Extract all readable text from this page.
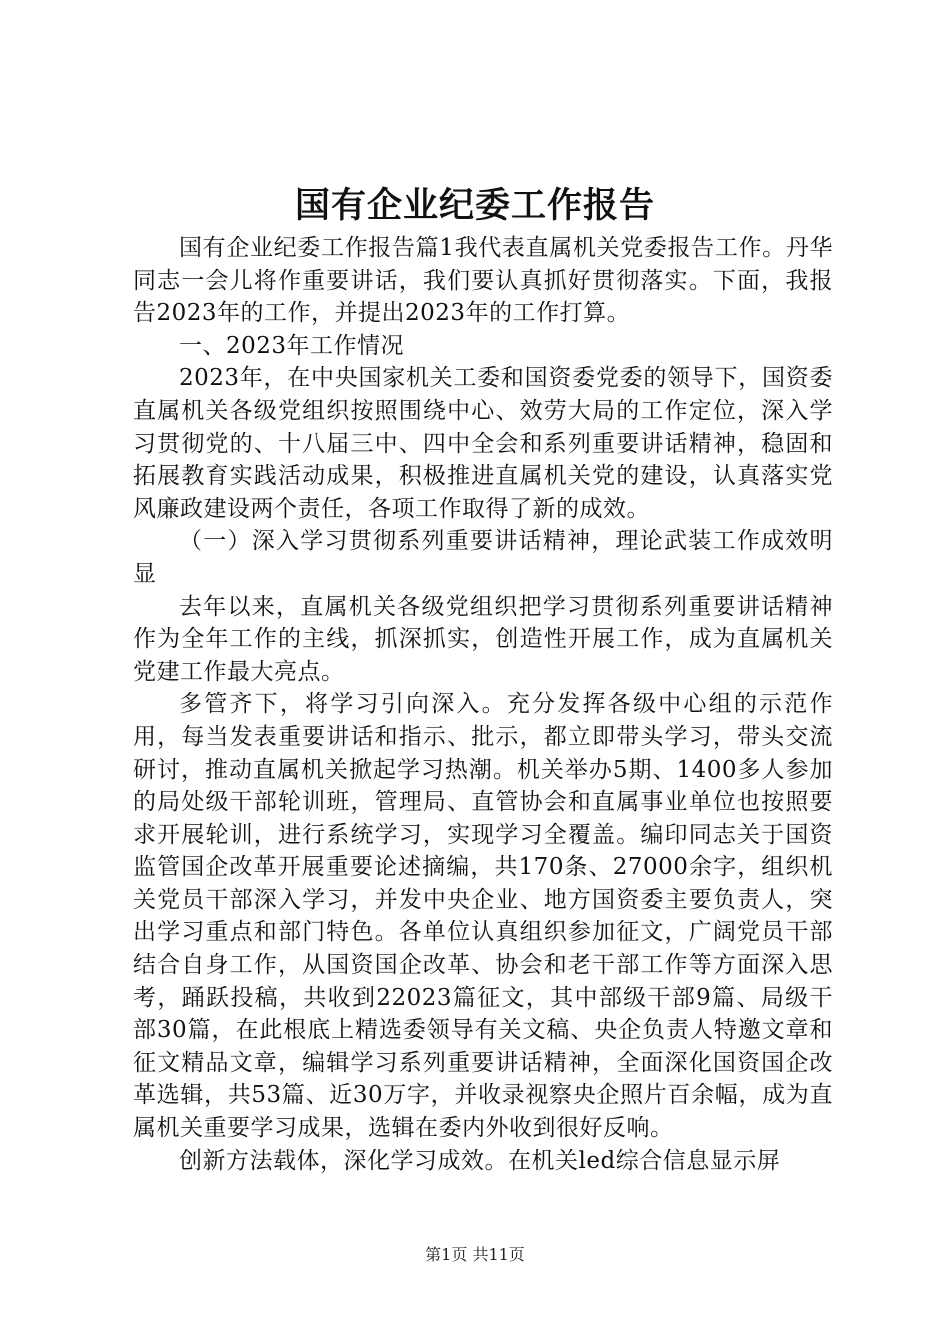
国有企业纪委工作报告

国有企业纪委工作报告篇1我代表直属机关党委报告工作。丹华同志一会儿将作重要讲话，我们要认真抓好贯彻落实。下面，我报告2023年的工作，并提出2023年的工作打算。

一、2023年工作情况

2023年，在中央国家机关工委和国资委党委的领导下，国资委直属机关各级党组织按照围绕中心、效劳大局的工作定位，深入学习贯彻党的、十八届三中、四中全会和系列重要讲话精神，稳固和拓展教育实践活动成果，积极推进直属机关党的建设，认真落实党风廉政建设两个责任，各项工作取得了新的成效。

（一）深入学习贯彻系列重要讲话精神，理论武装工作成效明显

去年以来，直属机关各级党组织把学习贯彻系列重要讲话精神作为全年工作的主线，抓深抓实，创造性开展工作，成为直属机关党建工作最大亮点。

多管齐下，将学习引向深入。充分发挥各级中心组的示范作用，每当发表重要讲话和指示、批示，都立即带头学习，带头交流研讨，推动直属机关掀起学习热潮。机关举办5期、1400多人参加的局处级干部轮训班，管理局、直管协会和直属事业单位也按照要求开展轮训，进行系统学习，实现学习全覆盖。编印同志关于国资监管国企改革开展重要论述摘编，共170条、27000余字，组织机关党员干部深入学习，并发中央企业、地方国资委主要负责人，突出学习重点和部门特色。各单位认真组织参加征文，广阔党员干部结合自身工作，从国资国企改革、协会和老干部工作等方面深入思考，踊跃投稿，共收到22023篇征文，其中部级干部9篇、局级干部30篇，在此根底上精选委领导有关文稿、央企负责人特邀文章和征文精品文章，编辑学习系列重要讲话精神，全面深化国资国企改革选辑，共53篇、近30万字，并收录视察央企照片百余幅，成为直属机关重要学习成果，选辑在委内外收到很好反响。

创新方法载体，深化学习成效。在机关led综合信息显示屏

第1页 共11页
